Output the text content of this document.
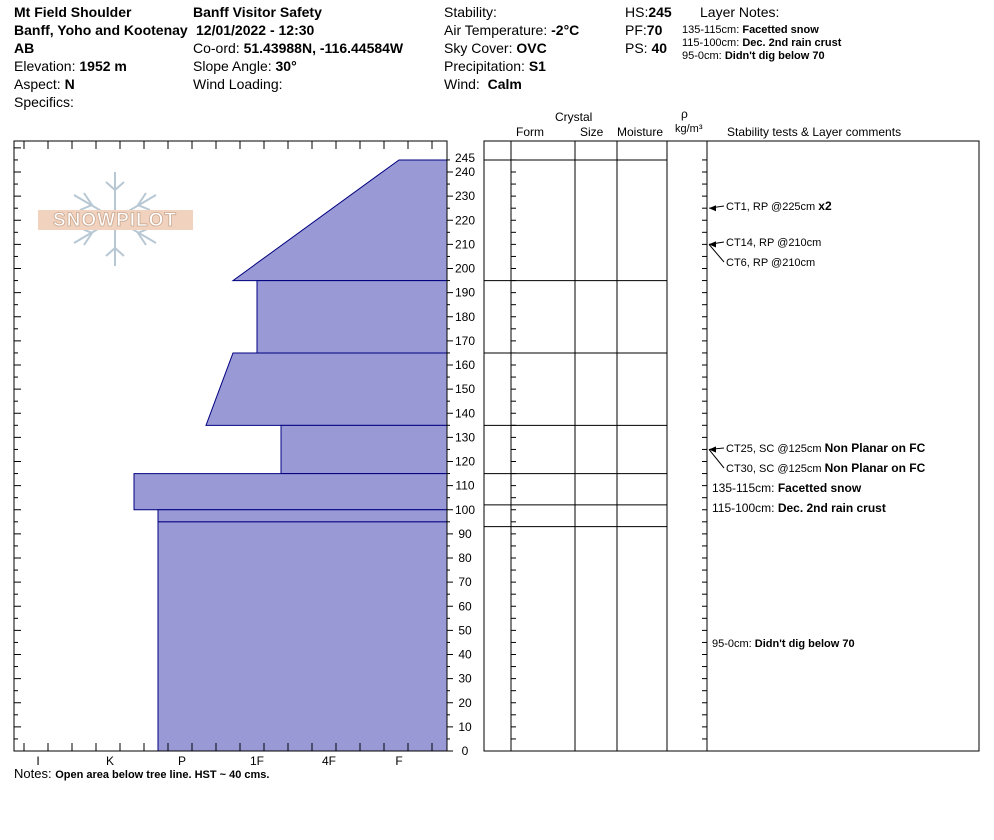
Mt Field Shoulder
Banff, Yoho and Kootenay
AB
Elevation: 1952 m
Aspect: N
Specifics:
Banff Visitor Safety
12/01/2022 - 12:30
Co-ord: 51.43988N, -116.44584W
Slope Angle: 30°
Wind Loading:
Stability:
Air Temperature: -2°C
Sky Cover: OVC
Precipitation: S1
Wind: Calm
HS:245
PF:70
PS: 40
Layer Notes:
135-115cm: Facetted snow
115-100cm: Dec. 2nd rain crust
95-0cm: Didn't dig below 70
Crystal
Form	Size Moisture
ρ
kg/m³ Stability tests & Layer comments
SNOWPILOT
I	K	P	1F	4F	F
0
10
20
30
40
50
60
70
80
90
100
110
120
130
140
150
160
170
180
190
200
210
220
230
240
245
CT1, RP @225cm x2
CT14, RP @210cm
CT6, RP @210cm
CT25, SC @125cm Non Planar on FC
CT30, SC @125cm Non Planar on FC
135-115cm: Facetted snow
115-100cm: Dec. 2nd rain crust
95-0cm: Didn't dig below 70
Notes: Open area below tree line. HST ~ 40 cms.
